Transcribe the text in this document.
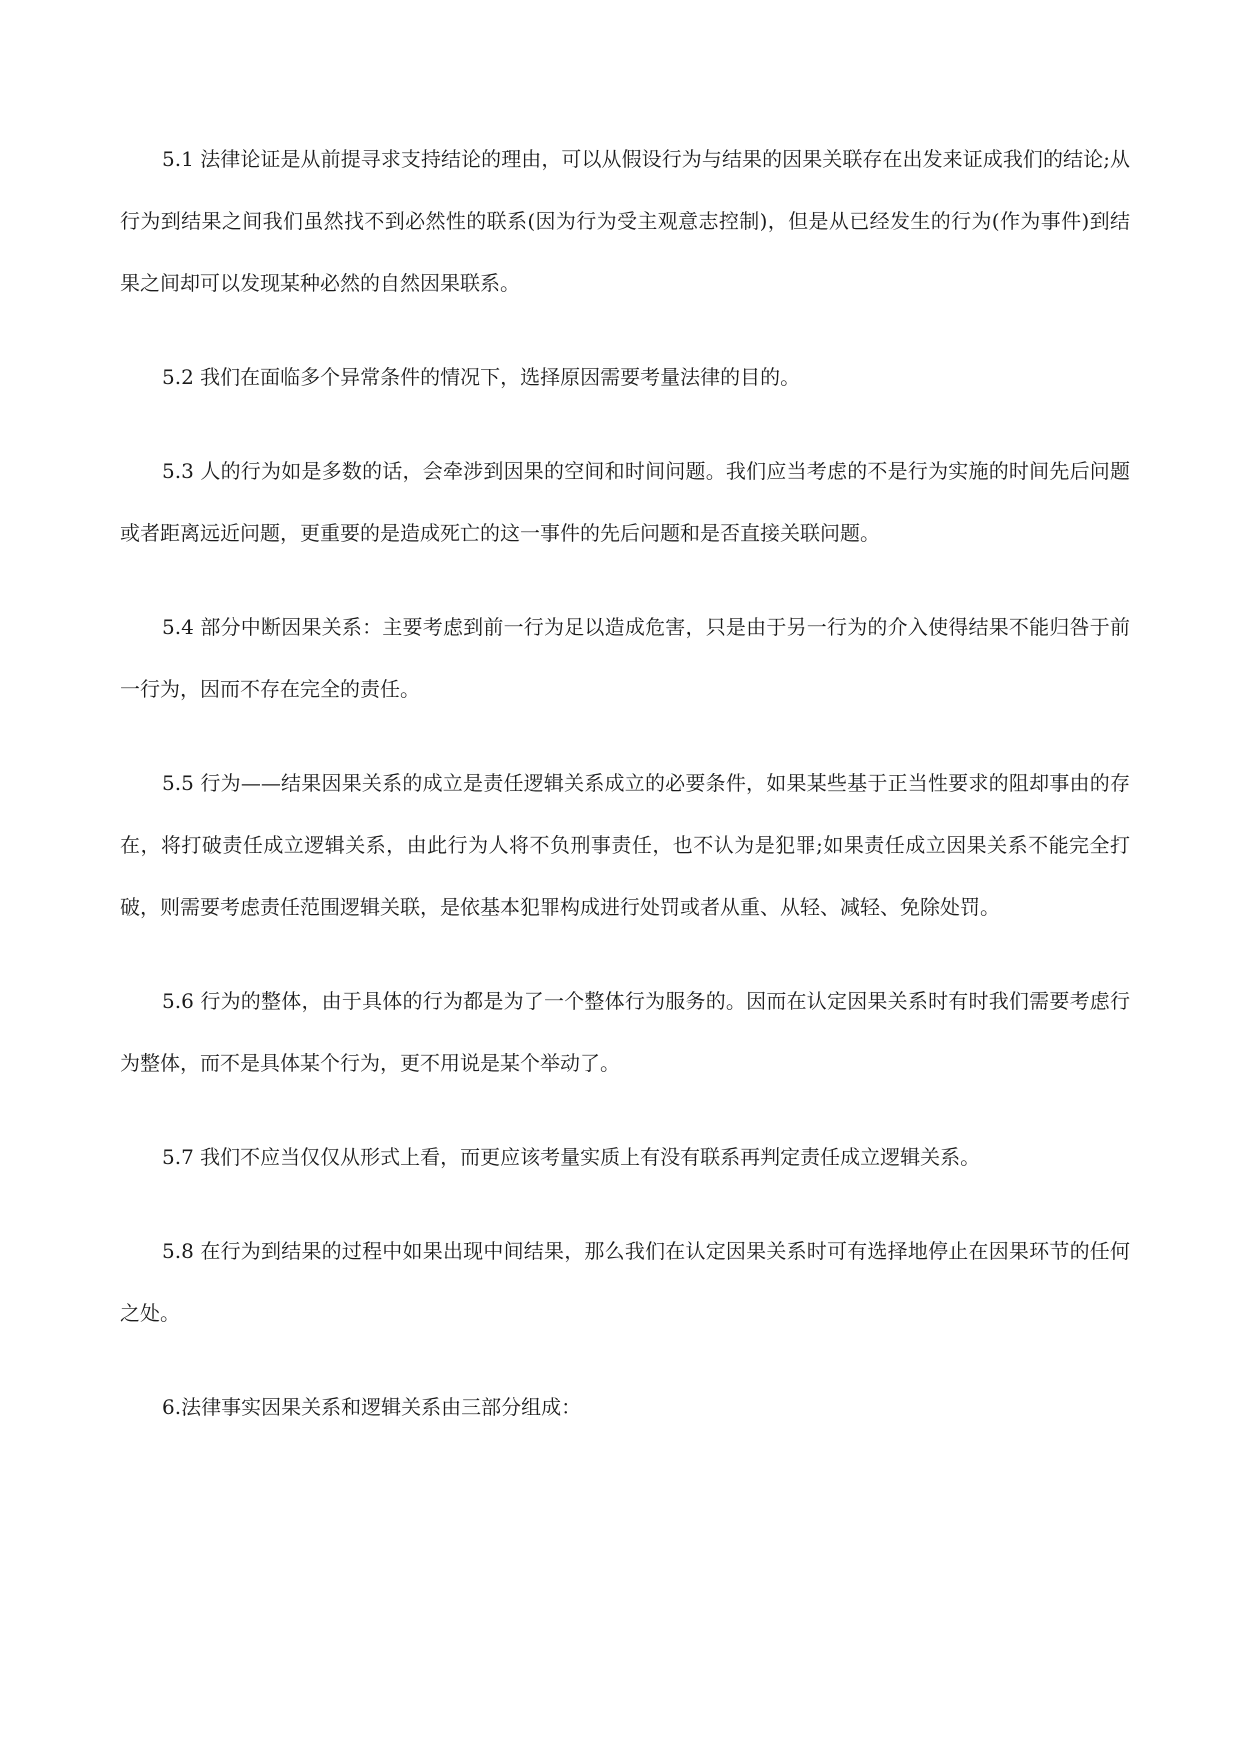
5.1 法律论证是从前提寻求支持结论的理由，可以从假设行为与结果的因果关联存在出发来证成我们的结论;从行为到结果之间我们虽然找不到必然性的联系(因为行为受主观意志控制)，但是从已经发生的行为(作为事件)到结果之间却可以发现某种必然的自然因果联系。

5.2 我们在面临多个异常条件的情况下，选择原因需要考量法律的目的。

5.3 人的行为如是多数的话，会牵涉到因果的空间和时间问题。我们应当考虑的不是行为实施的时间先后问题或者距离远近问题，更重要的是造成死亡的这一事件的先后问题和是否直接关联问题。

5.4 部分中断因果关系：主要考虑到前一行为足以造成危害，只是由于另一行为的介入使得结果不能归咎于前一行为，因而不存在完全的责任。

5.5 行为——结果因果关系的成立是责任逻辑关系成立的必要条件，如果某些基于正当性要求的阻却事由的存在，将打破责任成立逻辑关系，由此行为人将不负刑事责任，也不认为是犯罪;如果责任成立因果关系不能完全打破，则需要考虑责任范围逻辑关联，是依基本犯罪构成进行处罚或者从重、从轻、减轻、免除处罚。

5.6 行为的整体，由于具体的行为都是为了一个整体行为服务的。因而在认定因果关系时有时我们需要考虑行为整体，而不是具体某个行为，更不用说是某个举动了。

5.7 我们不应当仅仅从形式上看，而更应该考量实质上有没有联系再判定责任成立逻辑关系。

5.8 在行为到结果的过程中如果出现中间结果，那么我们在认定因果关系时可有选择地停止在因果环节的任何之处。

6.法律事实因果关系和逻辑关系由三部分组成：
